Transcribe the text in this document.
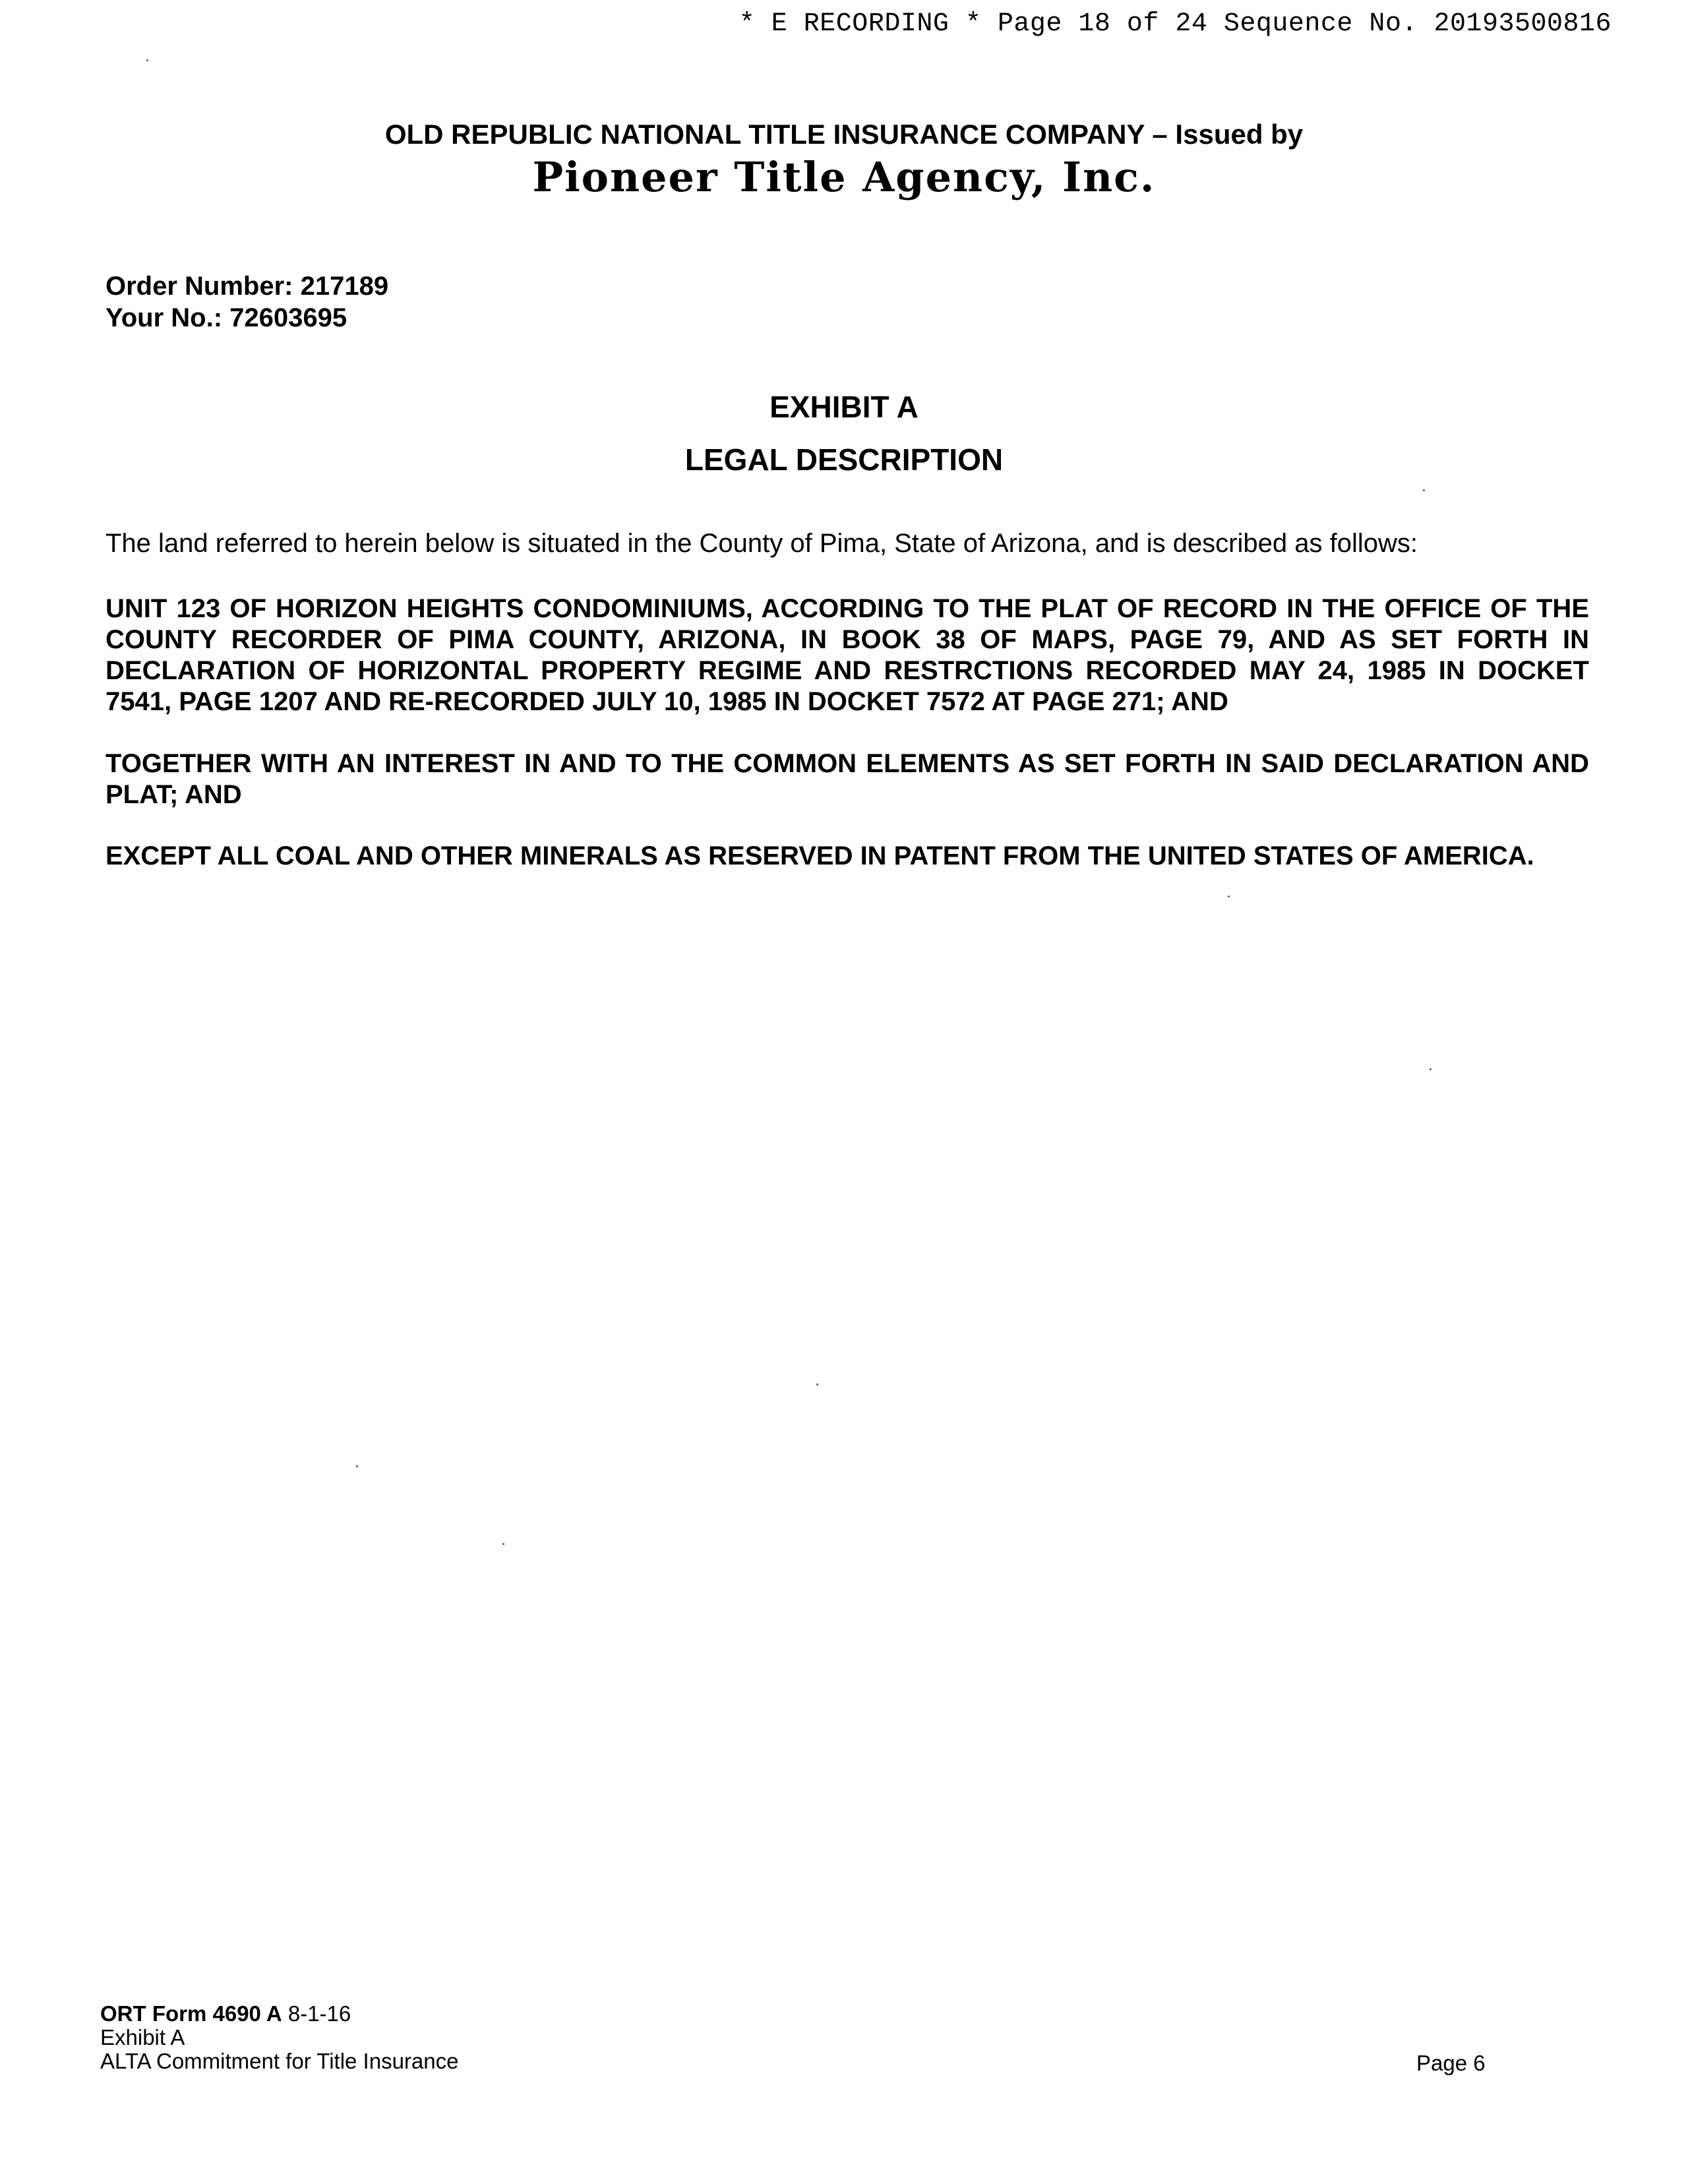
* E RECORDING * Page 18 of 24 Sequence No. 20193500816
OLD REPUBLIC NATIONAL TITLE INSURANCE COMPANY – Issued by
Pioneer Title Agency, Inc.
Order Number: 217189
Your No.: 72603695
EXHIBIT A
LEGAL DESCRIPTION
The land referred to herein below is situated in the County of Pima, State of Arizona, and is described as follows:
UNIT 123 OF HORIZON HEIGHTS CONDOMINIUMS, ACCORDING TO THE PLAT OF RECORD IN THE OFFICE OF THE COUNTY RECORDER OF PIMA COUNTY, ARIZONA, IN BOOK 38 OF MAPS, PAGE 79, AND AS SET FORTH IN DECLARATION OF HORIZONTAL PROPERTY REGIME AND RESTRCTIONS RECORDED MAY 24, 1985 IN DOCKET 7541, PAGE 1207 AND RE-RECORDED JULY 10, 1985 IN DOCKET 7572 AT PAGE 271; AND
TOGETHER WITH AN INTEREST IN AND TO THE COMMON ELEMENTS AS SET FORTH IN SAID DECLARATION AND PLAT; AND
EXCEPT ALL COAL AND OTHER MINERALS AS RESERVED IN PATENT FROM THE UNITED STATES OF AMERICA.
ORT Form 4690 A 8-1-16
Exhibit A
ALTA Commitment for Title Insurance	Page 6
